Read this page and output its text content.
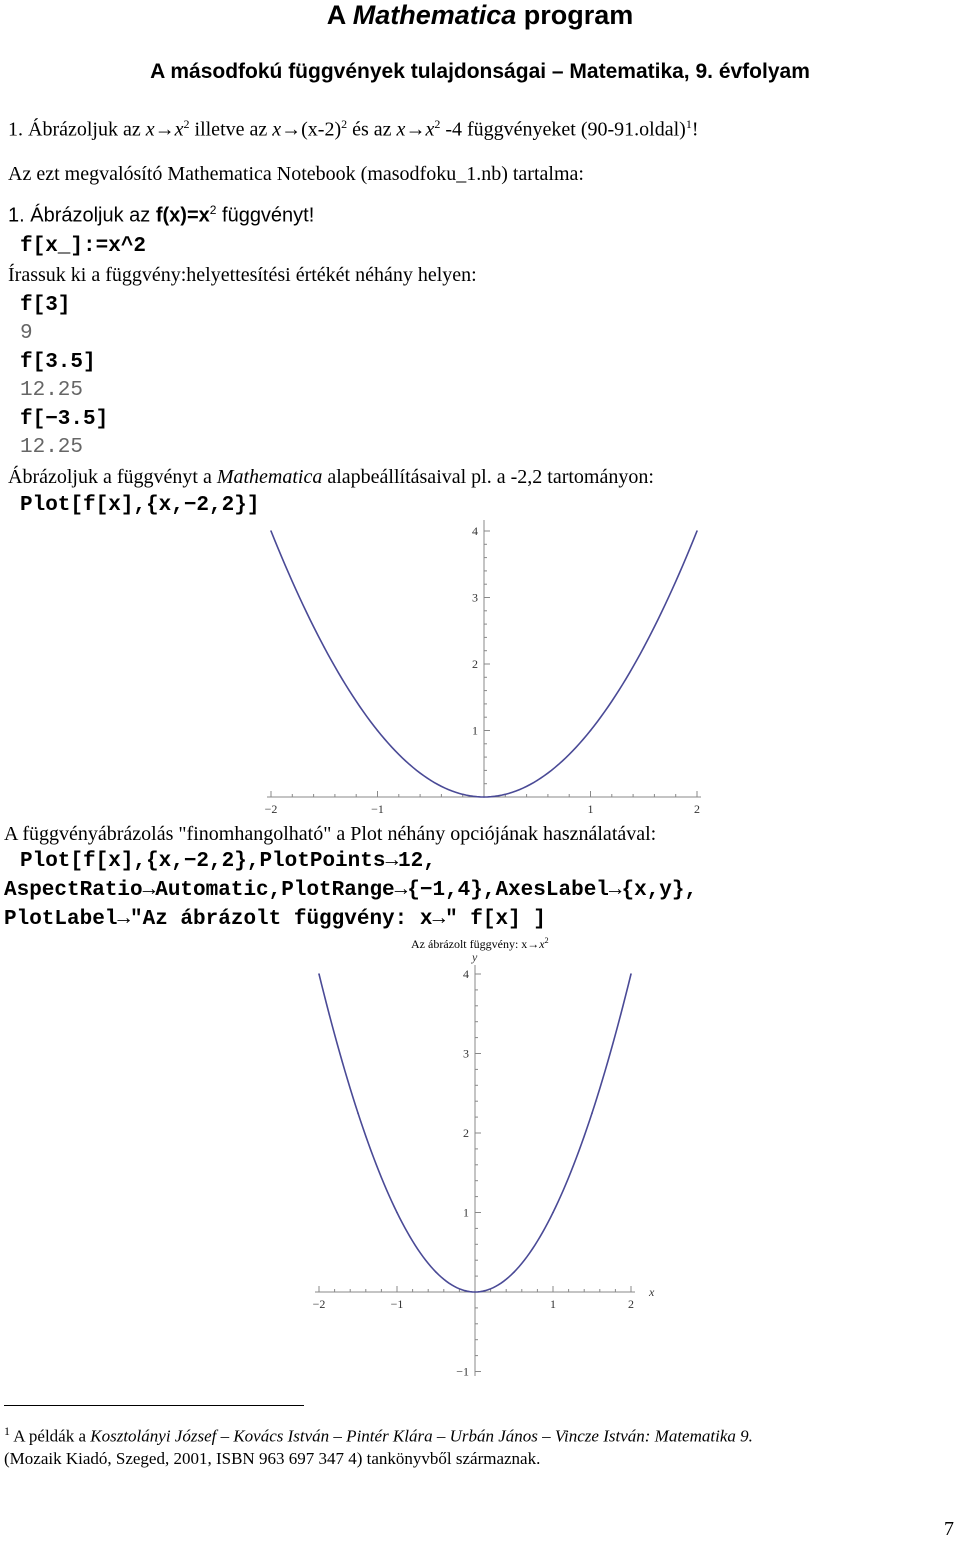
A Mathematica program
A másodfokú függvények tulajdonságai – Matematika, 9. évfolyam
1. Ábrázoljuk az $x\to x^2$ illetve az $x\to(x-2)^2$ és az $x\to x^2$ -4 függvényeket (90-91.oldal)$^1$!
Az ezt megvalósító Mathematica Notebook (masodfoku_1.nb) tartalma:
1. Ábrázoljuk az $f(x)=x^2$ függvényt!
f[x_]:=x^2
Írassuk ki a függvény:helyettesítési értékét néhány helyen:
f[3]
9
f[3.5]
12.25
f[−3.5]
12.25
Ábrázoljuk a függvényt a Mathematica alapbeállításaival pl. a -2,2 tartományon:
Plot[f[x],{x,−2,2}]
−2	−1	1	2
1
2
3
4
A függvényábrázolás "finomhangolható" a Plot néhány opciójának használatával:
Plot[f[x],{x,−2,2},PlotPoints→12,
AspectRatio→Automatic,PlotRange→{−1,4},AxesLabel→{x,y},
PlotLabel→"Az ábrázolt függvény: x→" f[x] ]
Az ábrázolt függvény: $x\to x^2$
−2	−1	1	2
−1
1
2
3
4
x
y
$^1$ A példák a Kosztolányi József – Kovács István – Pintér Klára – Urbán János – Vincze István: Matematika 9.
(Mozaik Kiadó, Szeged, 2001, ISBN 963 697 347 4) tankönyvből származnak.
7
